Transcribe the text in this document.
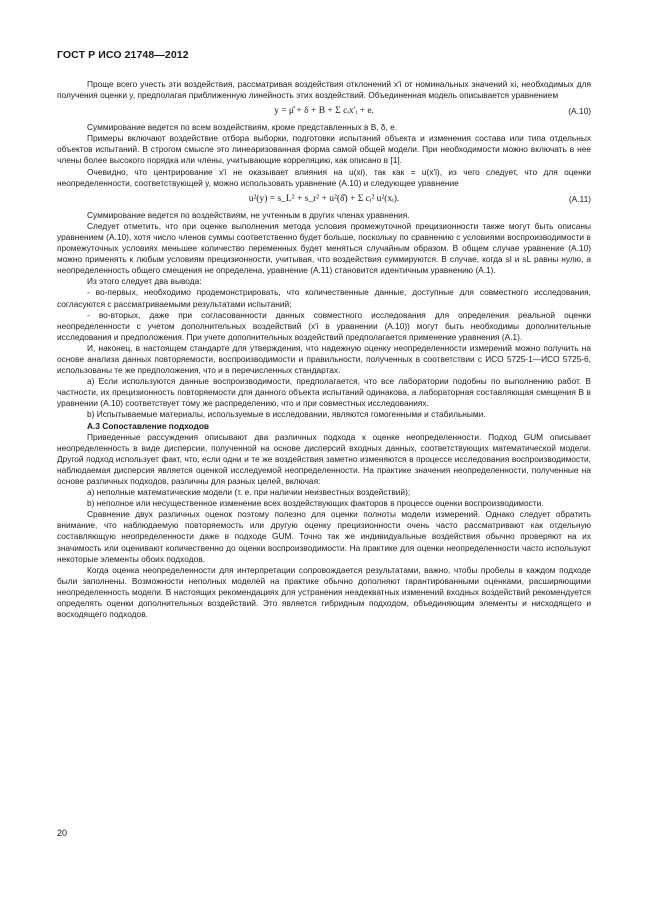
ГОСТ Р ИСО 21748—2012

Проще всего учесть эти воздействия, рассматривая воздействия отклонений x′i от номинальных значений xi, необходимых для получения оценки y, предполагая приближенную линейность этих воздействий. Объединенная модель описывается уравнением

y = μ̂ + δ + B + Σ cᵢx′ᵢ + e.	(А.10)

Суммирование ведется по всем воздействиям, кроме представленных в B, δ, e.

Примеры включают воздействие отбора выборки, подготовки испытаний объекта и изменения состава или типа отдельных объектов испытаний. В строгом смысле это линеаризованная форма самой общей модели. При необходимости можно включать в нее члены более высокого порядка или члены, учитывающие корреляцию, как описано в [1].

Очевидно, что центрирование x′i не оказывает влияния на u(xi), так как = u(x′i), из чего следует, что для оценки неопределенности, соответствующей y, можно использовать уравнение (A.10) и следующее уравнение

u²(y) = s_L² + s_r² + u²(δ̂) + Σ cᵢ² u²(xᵢ).	(А.11)

Суммирование ведется по воздействиям, не учтенным в других членах уравнения.

Следует отметить, что при оценке выполнения метода условия промежуточной прецизионности также могут быть описаны уравнением (А.10), хотя число членов суммы соответственно будет больше, поскольку по сравнению с условиями воспроизводимости в промежуточных условиях меньшее количество переменных будет меняться случайным образом. В общем случае уравнение (А.10) можно применять к любым условиям прецизионности, учитывая, что воздействия суммируются. В случае, когда sl и sL равны нулю, а неопределенность общего смещения не определена, уравнение (А.11) становится идентичным уравнению (А.1).

Из этого следует два вывода:

- во-первых, необходимо продемонстрировать, что количественные данные, доступные для совместного исследования, согласуются с рассматриваемыми результатами испытаний;

- во-вторых, даже при согласованности данных совместного исследования для определения реальной оценки неопределенности с учетом дополнительных воздействий (x′i в уравнении (А.10)) могут быть необходимы дополнительные исследования и предположения. При учете дополнительных воздействий предполагается применение уравнения (А.1).

И, наконец, в настоящем стандарте для утверждения, что надежную оценку неопределенности измерений можно получить на основе анализа данных повторяемости, воспроизводимости и правильности, полученных в соответствии с ИСО 5725-1—ИСО 5725-6, использованы те же предположения, что и в перечисленных стандартах.

а) Если используются данные воспроизводимости, предполагается, что все лаборатории подобны по выполнению работ. В частности, их прецизионность повторяемости для данного объекта испытаний одинакова, а лабораторная составляющая смещения B в уравнении (А.10) соответствует тому же распределению, что и при совместных исследованиях.

b) Испытываемые материалы, используемые в исследовании, являются гомогенными и стабильными.

А.3 Сопоставление подходов

Приведенные рассуждения описывают два различных подхода к оценке неопределенности. Подход GUM описывает неопределенность в виде дисперсии, полученной на основе дисперсий входных данных, соответствующих математической модели. Другой подход использует факт, что, если одни и те же воздействия заметно изменяются в процессе исследования воспроизводимости, наблюдаемая дисперсия является оценкой исследуемой неопределенности. На практике значения неопределенности, полученные на основе различных подходов, различны для разных целей, включая:

а) неполные математические модели (т. е. при наличии неизвестных воздействий);

b) неполное или несущественное изменение всех воздействующих факторов в процессе оценки воспроизводимости.

Сравнение двух различных оценок поэтому полезно для оценки полноты модели измерений. Однако следует обратить внимание, что наблюдаемую повторяемость или другую оценку прецизионности очень часто рассматривают как отдельную составляющую неопределенности даже в подходе GUM. Точно так же индивидуальные воздействия обычно проверяют на их значимость или оценивают количественно до оценки воспроизводимости. На практике для оценки неопределенности часто используют некоторые элементы обоих подходов.

Когда оценка неопределенности для интерпретации сопровождается результатами, важно, чтобы пробелы в каждом подходе были заполнены. Возможности неполных моделей на практике обычно дополняют гарантированными оценками, расширяющими неопределенность модели. В настоящих рекомендациях для устранения неадекватных изменений входных воздействий рекомендуется определять оценки дополнительных воздействий. Это является гибридным подходом, объединяющим элементы и нисходящего и восходящего подходов.

20
